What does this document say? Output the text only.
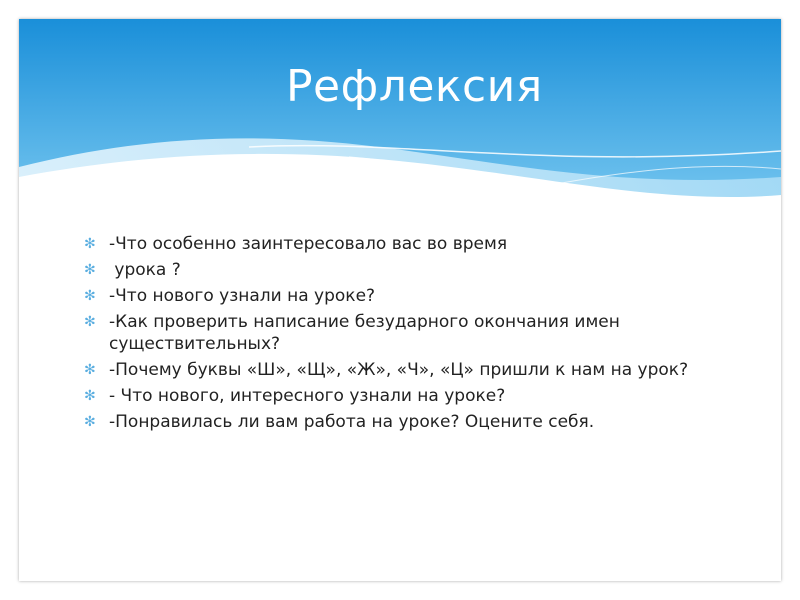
Рефлексия
✻ -Что особенно заинтересовало вас во время
✻ урока ?
✻ -Что нового узнали на уроке?
✻ -Как проверить написание безударного окончания имен существительных?
✻ -Почему буквы «Ш», «Щ», «Ж», «Ч», «Ц» пришли к нам на урок?
✻ - Что нового, интересного узнали на уроке?
✻ -Понравилась ли вам работа на уроке? Оцените себя.
